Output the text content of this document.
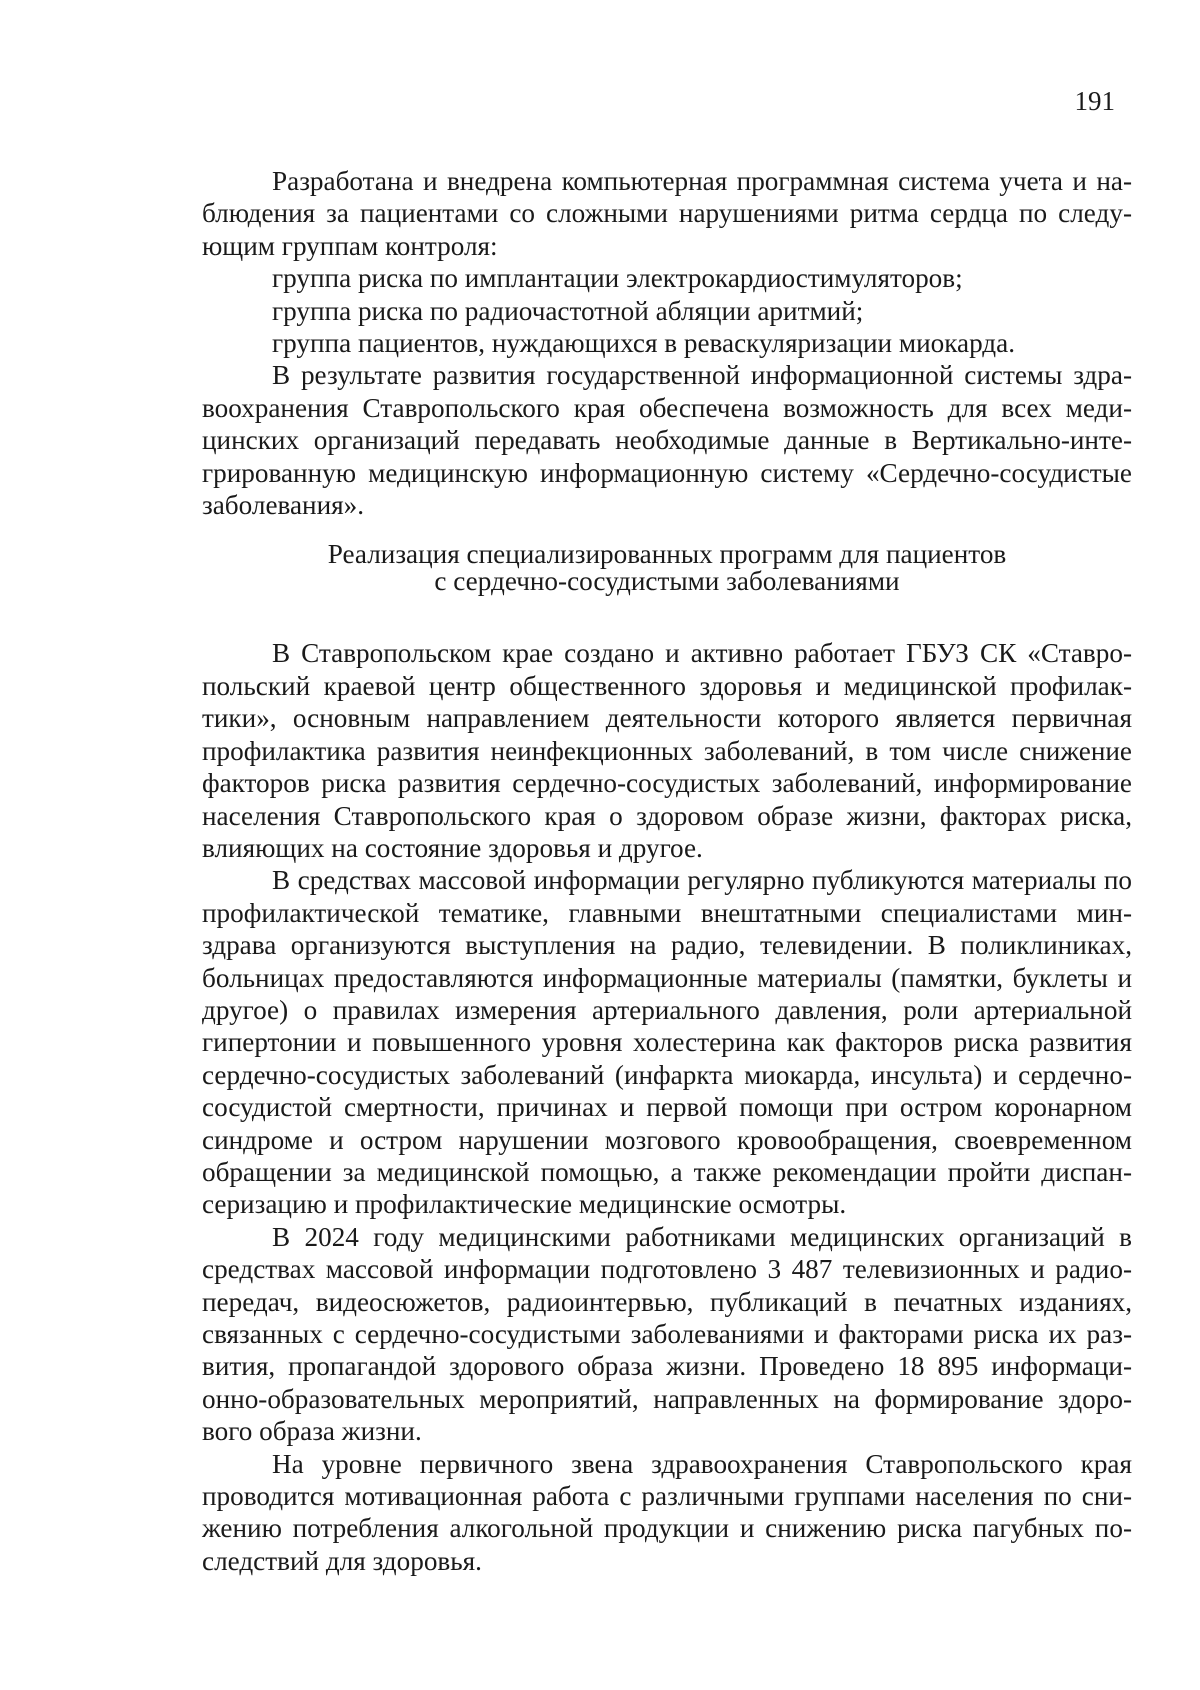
191

Разработана и внедрена компьютерная программная система учета и наблюдения за пациентами со сложными нарушениями ритма сердца по следующим группам контроля:

группа риска по имплантации электрокардиостимуляторов;

группа риска по радиочастотной абляции аритмий;

группа пациентов, нуждающихся в реваскуляризации миокарда.

В результате развития государственной информационной системы здравоохранения Ставропольского края обеспечена возможность для всех медицинских организаций передавать необходимые данные в Вертикально-интегрированную медицинскую информационную систему «Сердечно-сосудистые заболевания».

Реализация специализированных программ для пациентов
с сердечно-сосудистыми заболеваниями

В Ставропольском крае создано и активно работает ГБУЗ СК «Ставропольский краевой центр общественного здоровья и медицинской профилактики», основным направлением деятельности которого является первичная профилактика развития неинфекционных заболеваний, в том числе снижение факторов риска развития сердечно-сосудистых заболеваний, информирование населения Ставропольского края о здоровом образе жизни, факторах риска, влияющих на состояние здоровья и другое.

В средствах массовой информации регулярно публикуются материалы по профилактической тематике, главными внештатными специалистами минздрава организуются выступления на радио, телевидении. В поликлиниках, больницах предоставляются информационные материалы (памятки, буклеты и другое) о правилах измерения артериального давления, роли артериальной гипертонии и повышенного уровня холестерина как факторов риска развития сердечно-сосудистых заболеваний (инфаркта миокарда, инсульта) и сердечнососудистой смертности, причинах и первой помощи при остром коронарном синдроме и остром нарушении мозгового кровообращения, своевременном обращении за медицинской помощью, а также рекомендации пройти диспансеризацию и профилактические медицинские осмотры.

В 2024 году медицинскими работниками медицинских организаций в средствах массовой информации подготовлено 3 487 телевизионных и радиопередач, видеосюжетов, радиоинтервью, публикаций в печатных изданиях, связанных с сердечно-сосудистыми заболеваниями и факторами риска их развития, пропагандой здорового образа жизни. Проведено 18 895 информационно-образовательных мероприятий, направленных на формирование здорового образа жизни.

На уровне первичного звена здравоохранения Ставропольского края проводится мотивационная работа с различными группами населения по снижению потребления алкогольной продукции и снижению риска пагубных последствий для здоровья.
